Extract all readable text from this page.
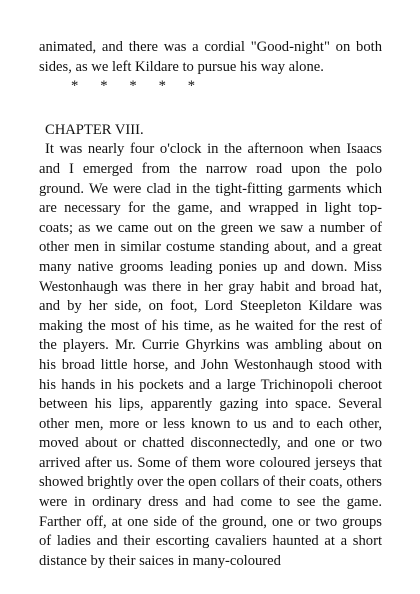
animated, and there was a cordial "Good-night" on both sides, as we left Kildare to pursue his way alone.

*      *      *      *      *

CHAPTER VIII.

It was nearly four o'clock in the afternoon when Isaacs and I emerged from the narrow road upon the polo ground. We were clad in the tight-fitting garments which are necessary for the game, and wrapped in light top-coats; as we came out on the green we saw a number of other men in similar costume standing about, and a great many native grooms leading ponies up and down. Miss Westonhaugh was there in her gray habit and broad hat, and by her side, on foot, Lord Steepleton Kildare was making the most of his time, as he waited for the rest of the players. Mr. Currie Ghyrkins was ambling about on his broad little horse, and John Westonhaugh stood with his hands in his pockets and a large Trichinopoli cheroot between his lips, apparently gazing into space. Several other men, more or less known to us and to each other, moved about or chatted disconnectedly, and one or two arrived after us. Some of them wore coloured jerseys that showed brightly over the open collars of their coats, others were in ordinary dress and had come to see the game. Farther off, at one side of the ground, one or two groups of ladies and their escorting cavaliers haunted at a short distance by their saices in many-coloured
